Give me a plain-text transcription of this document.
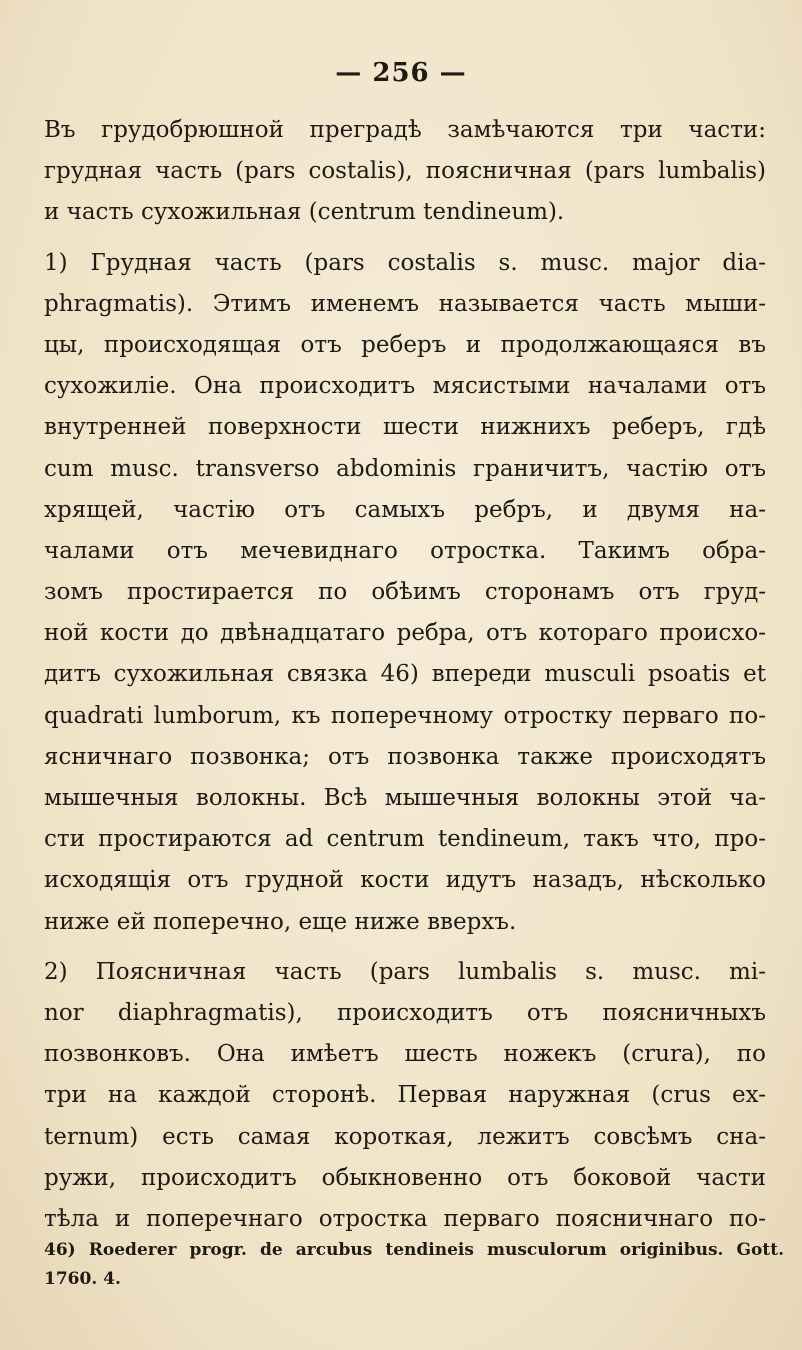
— 256 —
Въ грудобрюшной преградѣ замѣчаются три части:
грудная часть (pars costalis), поясничная (pars lumbalis)
и часть сухожильная (centrum tendineum).
1) Грудная часть (pars costalis s. musc. major dia-
phragmatis). Этимъ именемъ называется часть мыши-
цы, происходящая отъ реберъ и продолжающаяся въ
сухожиліе. Она происходитъ мясистыми началами отъ
внутренней поверхности шести нижнихъ реберъ, гдѣ
cum musc. transverso abdominis граничитъ, частію отъ
хрящей, частію отъ самыхъ ребръ, и двумя на-
чалами отъ мечевиднаго отростка. Такимъ обра-
зомъ простирается по обѣимъ сторонамъ отъ груд-
ной кости до двѣнадцатаго ребра, отъ котораго происхо-
дитъ сухожильная связка 46) впереди musculi psoatis et
quadrati lumborum, къ поперечному отростку перваго по-
ясничнаго позвонка; отъ позвонка также происходятъ
мышечныя волокны. Всѣ мышечныя волокны этой ча-
сти простираются ad centrum tendineum, такъ что, про-
исходящія отъ грудной кости идутъ назадъ, нѣсколько
ниже ей поперечно, еще ниже вверхъ.
2) Поясничная часть (pars lumbalis s. musc. mi-
nor diaphragmatis), происходитъ отъ поясничныхъ
позвонковъ. Она имѣетъ шесть ножекъ (crura), по
три на каждой сторонѣ. Первая наружная (crus ex-
ternum) есть самая короткая, лежитъ совсѣмъ сна-
ружи, происходитъ обыкновенно отъ боковой части
тѣла и поперечнаго отростка перваго поясничнаго по-
46) Roederer progr. de arcubus tendineis musculorum originibus. Gott.
1760. 4.
